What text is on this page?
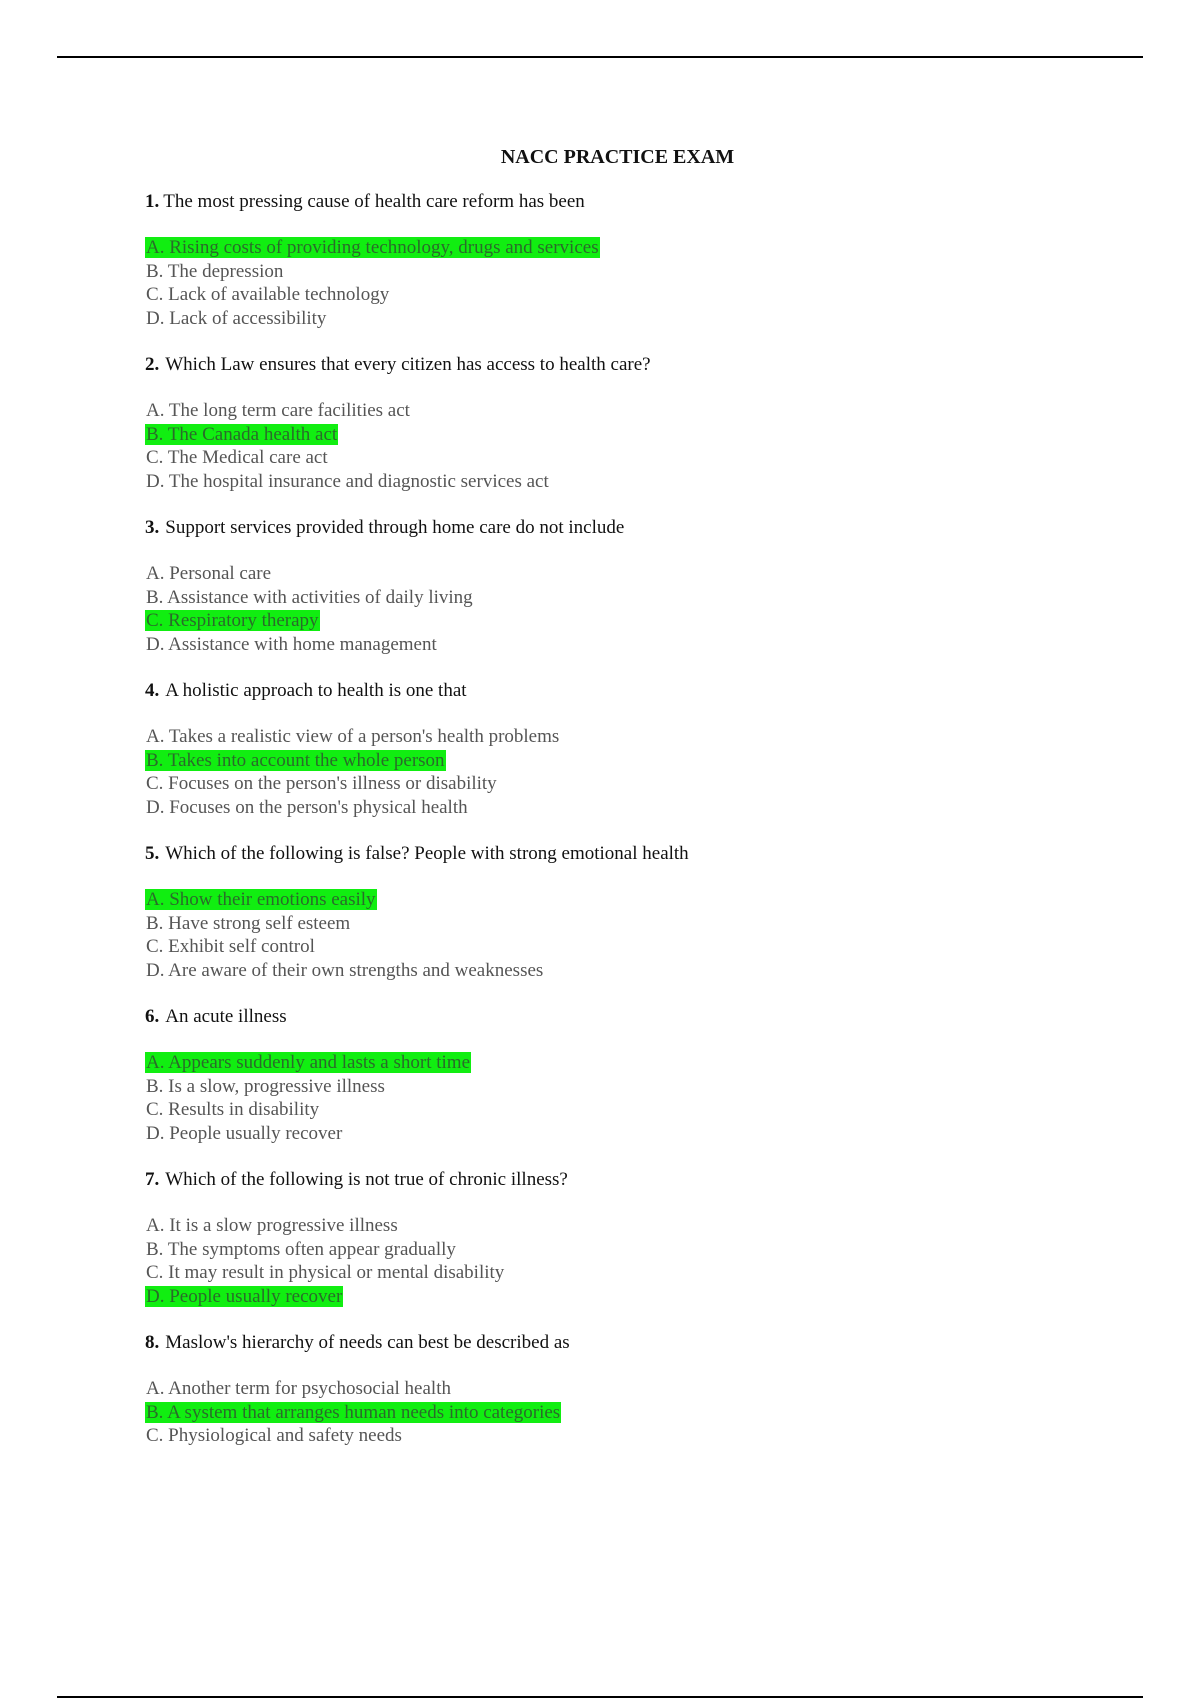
NACC PRACTICE EXAM
1. The most pressing cause of health care reform has been
A. Rising costs of providing technology, drugs and services
B. The depression
C. Lack of available technology
D. Lack of accessibility
2. Which Law ensures that every citizen has access to health care?
A. The long term care facilities act
B. The Canada health act
C. The Medical care act
D. The hospital insurance and diagnostic services act
3. Support services provided through home care do not include
A. Personal care
B. Assistance with activities of daily living
C. Respiratory therapy
D. Assistance with home management
4. A holistic approach to health is one that
A. Takes a realistic view of a person's health problems
B. Takes into account the whole person
C. Focuses on the person's illness or disability
D. Focuses on the person's physical health
5. Which of the following is false? People with strong emotional health
A. Show their emotions easily
B. Have strong self esteem
C. Exhibit self control
D. Are aware of their own strengths and weaknesses
6. An acute illness
A. Appears suddenly and lasts a short time
B. Is a slow, progressive illness
C. Results in disability
D. People usually recover
7. Which of the following is not true of chronic illness?
A. It is a slow progressive illness
B. The symptoms often appear gradually
C. It may result in physical or mental disability
D. People usually recover
8. Maslow's hierarchy of needs can best be described as
A. Another term for psychosocial health
B. A system that arranges human needs into categories
C. Physiological and safety needs
